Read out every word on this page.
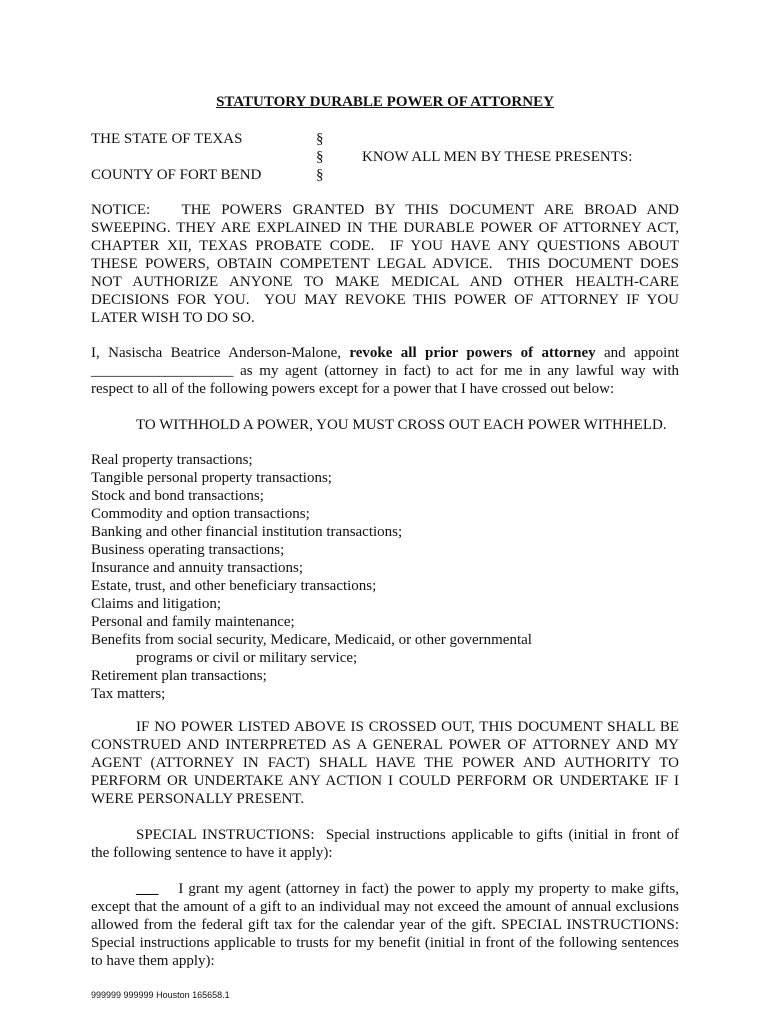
STATUTORY DURABLE POWER OF ATTORNEY
THE STATE OF TEXAS	§
§	KNOW ALL MEN BY THESE PRESENTS:
COUNTY OF FORT BEND	§
NOTICE:   THE POWERS GRANTED BY THIS DOCUMENT ARE BROAD AND SWEEPING. THEY ARE EXPLAINED IN THE DURABLE POWER OF ATTORNEY ACT, CHAPTER XII, TEXAS PROBATE CODE.  IF YOU HAVE ANY QUESTIONS ABOUT THESE POWERS, OBTAIN COMPETENT LEGAL ADVICE.  THIS DOCUMENT DOES NOT AUTHORIZE ANYONE TO MAKE MEDICAL AND OTHER HEALTH-CARE DECISIONS FOR YOU.  YOU MAY REVOKE THIS POWER OF ATTORNEY IF YOU LATER WISH TO DO SO.
I, Nasischa Beatrice Anderson-Malone, revoke all prior powers of attorney and appoint ___________________ as my agent (attorney in fact) to act for me in any lawful way with respect to all of the following powers except for a power that I have crossed out below:
TO WITHHOLD A POWER, YOU MUST CROSS OUT EACH POWER WITHHELD.
Real property transactions;
Tangible personal property transactions;
Stock and bond transactions;
Commodity and option transactions;
Banking and other financial institution transactions;
Business operating transactions;
Insurance and annuity transactions;
Estate, trust, and other beneficiary transactions;
Claims and litigation;
Personal and family maintenance;
Benefits from social security, Medicare, Medicaid, or other governmental
programs or civil or military service;
Retirement plan transactions;
Tax matters;
IF NO POWER LISTED ABOVE IS CROSSED OUT, THIS DOCUMENT SHALL BE CONSTRUED AND INTERPRETED AS A GENERAL POWER OF ATTORNEY AND MY AGENT (ATTORNEY IN FACT) SHALL HAVE THE POWER AND AUTHORITY TO PERFORM OR UNDERTAKE ANY ACTION I COULD PERFORM OR UNDERTAKE IF I WERE PERSONALLY PRESENT.
SPECIAL INSTRUCTIONS:  Special instructions applicable to gifts (initial in front of the following sentence to have it apply):
___ I grant my agent (attorney in fact) the power to apply my property to make gifts, except that the amount of a gift to an individual may not exceed the amount of annual exclusions allowed from the federal gift tax for the calendar year of the gift. SPECIAL INSTRUCTIONS: Special instructions applicable to trusts for my benefit (initial in front of the following sentences to have them apply):
999999 999999 Houston 165658.1
